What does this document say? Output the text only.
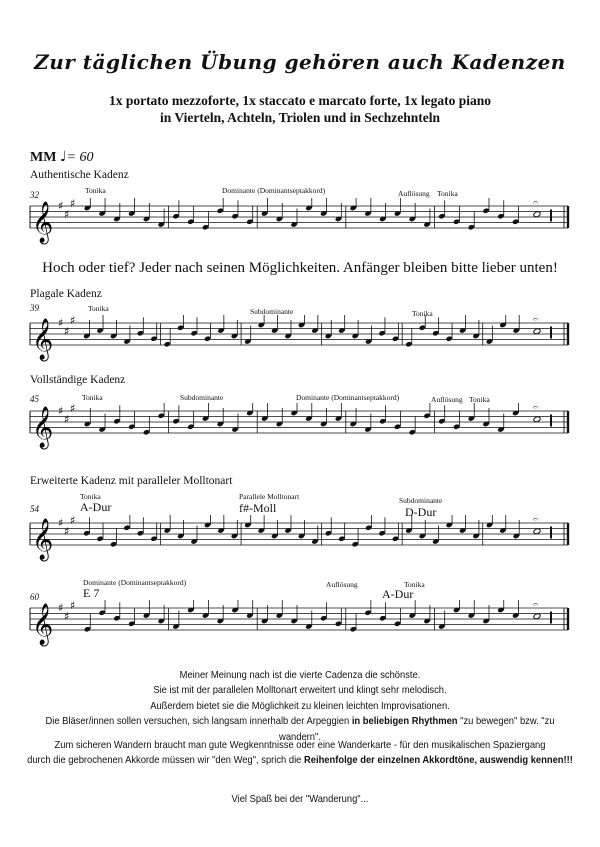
Zur täglichen Übung gehören auch Kadenzen
1x portato mezzoforte, 1x staccato e marcato forte, 1x legato piano
in Vierteln, Achteln, Triolen und in Sechzehnteln
MM ♩= 60
Authentische Kadenz
Tonika	Dominante (Dominantseptakkord)	Auflösung Tonika
32
𝄞 ♯
♯
♯	𝄐
Hoch oder tief? Jeder nach seinen Möglichkeiten. Anfänger bleiben bitte lieber unten!
Plagale Kadenz
Tonika	Subdominante	Tonika
39
𝄞 ♯
♯
♯	𝄐
Vollständige Kadenz
Tonika	Subdominante	Dominante (Dominantseptakkord)	Auflösung Tonika
45
𝄞 ♯
♯
♯	𝄐
Erweiterte Kadenz mit paralleler Molltonart
Tonika	Parallele Molltonart	Subdominante
A-Dur	f#-Moll	D-Dur
54
𝄞 ♯
♯
♯	𝄐
Dominante (Dominantseptakkord)	Auflösung	Tonika
E 7	A-Dur
60
𝄞 ♯
♯
♯	𝄐
Meiner Meinung nach ist die vierte Cadenza die schönste.
Sie ist mit der parallelen Molltonart erweitert und klingt sehr melodisch.
Außerdem bietet sie die Möglichkeit zu kleinen leichten Improvisationen.
Die Bläser/innen sollen versuchen, sich langsam innerhalb der Arpeggien in beliebigen Rhythmen "zu bewegen" bzw. "zu wandern".
Zum sicheren Wandern braucht man gute Wegkenntnisse oder eine Wanderkarte - für den musikalischen Spaziergang
durch die gebrochenen Akkorde müssen wir "den Weg", sprich die Reihenfolge der einzelnen Akkordtöne, auswendig kennen!!!
Viel Spaß bei der "Wanderung"...
